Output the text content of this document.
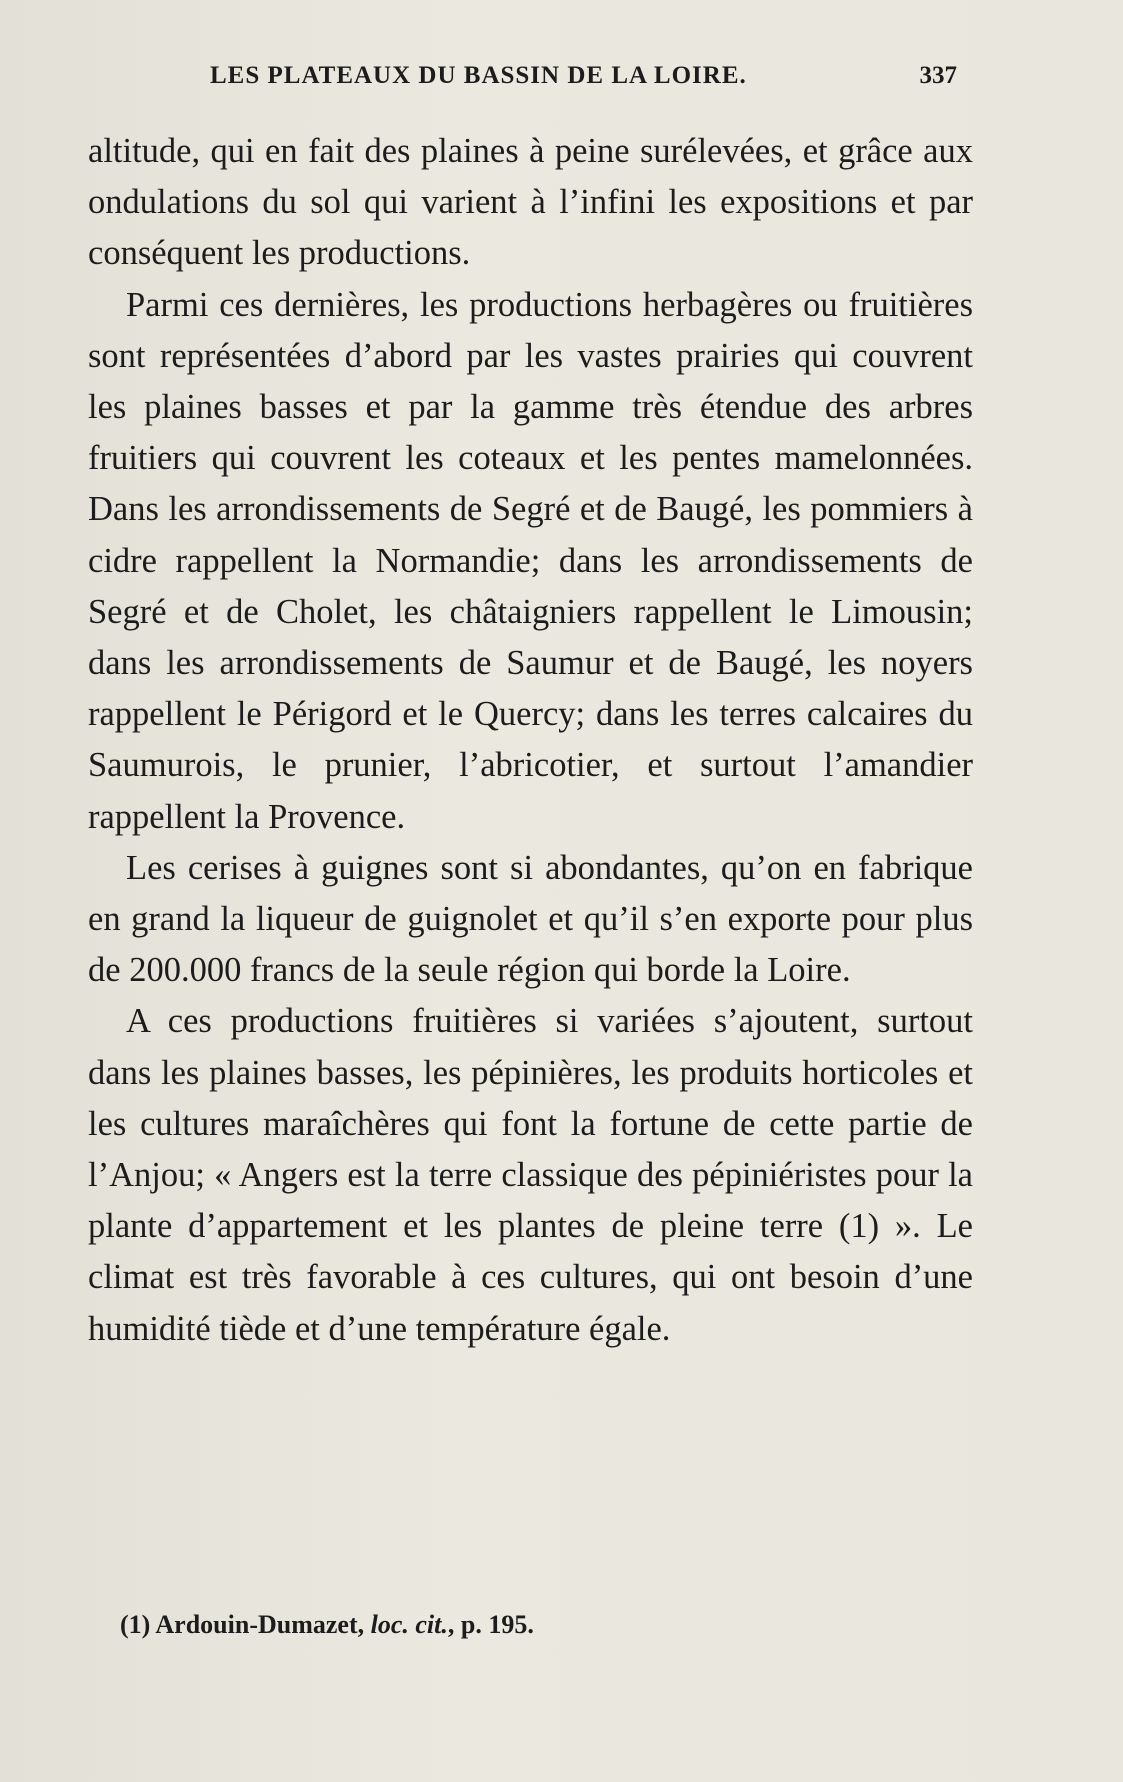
LES PLATEAUX DU BASSIN DE LA LOIRE.	337

altitude, qui en fait des plaines à peine surélevées, et grâce aux ondulations du sol qui varient à l’infini les expositions et par conséquent les productions.

Parmi ces dernières, les productions herbagères ou fruitières sont représentées d’abord par les vastes prairies qui couvrent les plaines basses et par la gamme très étendue des arbres fruitiers qui couvrent les coteaux et les pentes mamelonnées. Dans les arrondissements de Segré et de Baugé, les pommiers à cidre rappellent la Normandie; dans les arrondissements de Segré et de Cholet, les châtaigniers rappellent le Limousin; dans les arrondissements de Saumur et de Baugé, les noyers rappellent le Périgord et le Quercy; dans les terres calcaires du Saumurois, le prunier, l’abricotier, et surtout l’amandier rappellent la Provence.

Les cerises à guignes sont si abondantes, qu’on en fabrique en grand la liqueur de guignolet et qu’il s’en exporte pour plus de 200.000 francs de la seule région qui borde la Loire.

A ces productions fruitières si variées s’ajoutent, surtout dans les plaines basses, les pépinières, les produits horticoles et les cultures maraîchères qui font la fortune de cette partie de l’Anjou; « Angers est la terre classique des pépiniéristes pour la plante d’appartement et les plantes de pleine terre (1) ». Le climat est très favorable à ces cultures, qui ont besoin d’une humidité tiède et d’une température égale.

(1) Ardouin-Dumazet, loc. cit., p. 195.
